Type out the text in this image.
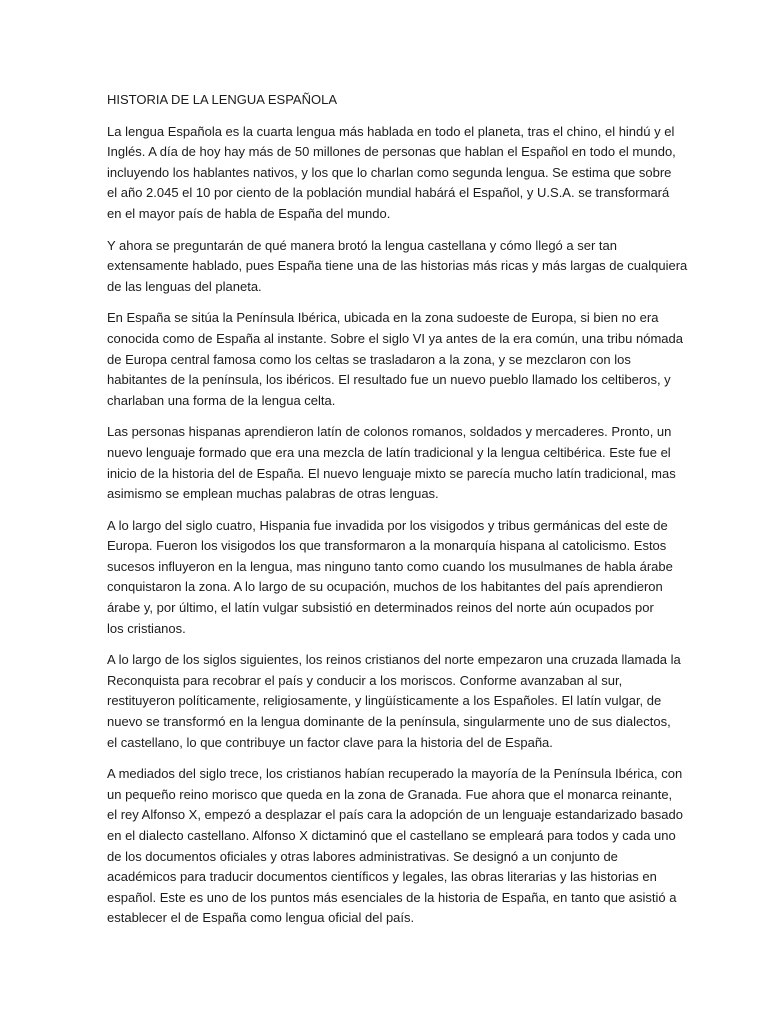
HISTORIA DE LA LENGUA ESPAÑOLA

La lengua Española es la cuarta lengua más hablada en todo el planeta, tras el chino, el hindú y el
Inglés. A día de hoy hay más de 50 millones de personas que hablan el Español en todo el mundo,
incluyendo los hablantes nativos, y los que lo charlan como segunda lengua. Se estima que sobre
el año 2.045 el 10 por ciento de la población mundial habárá el Español, y U.S.A. se transformará
en el mayor país de habla de España del mundo.

Y ahora se preguntarán de qué manera brotó la lengua castellana y cómo llegó a ser tan
extensamente hablado, pues España tiene una de las historias más ricas y más largas de cualquiera
de las lenguas del planeta.

En España se sitúa la Península Ibérica, ubicada en la zona sudoeste de Europa, si bien no era
conocida como de España al instante. Sobre el siglo VI ya antes de la era común, una tribu nómada
de Europa central famosa como los celtas se trasladaron a la zona, y se mezclaron con los
habitantes de la península, los ibéricos. El resultado fue un nuevo pueblo llamado los celtiberos, y
charlaban una forma de la lengua celta.

Las personas hispanas aprendieron latín de colonos romanos, soldados y mercaderes. Pronto, un
nuevo lenguaje formado que era una mezcla de latín tradicional y la lengua celtibérica. Este fue el
inicio de la historia del de España. El nuevo lenguaje mixto se parecía mucho latín tradicional, mas
asimismo se emplean muchas palabras de otras lenguas.

A lo largo del siglo cuatro, Hispania fue invadida por los visigodos y tribus germánicas del este de
Europa. Fueron los visigodos los que transformaron a la monarquía hispana al catolicismo. Estos
sucesos influyeron en la lengua, mas ninguno tanto como cuando los musulmanes de habla árabe
conquistaron la zona. A lo largo de su ocupación, muchos de los habitantes del país aprendieron
árabe y, por último, el latín vulgar subsistió en determinados reinos del norte aún ocupados por
los cristianos.

A lo largo de los siglos siguientes, los reinos cristianos del norte empezaron una cruzada llamada la
Reconquista para recobrar el país y conducir a los moriscos. Conforme avanzaban al sur,
restituyeron políticamente, religiosamente, y lingüísticamente a los Españoles. El latín vulgar, de
nuevo se transformó en la lengua dominante de la península, singularmente uno de sus dialectos,
el castellano, lo que contribuye un factor clave para la historia del de España.

A mediados del siglo trece, los cristianos habían recuperado la mayoría de la Península Ibérica, con
un pequeño reino morisco que queda en la zona de Granada. Fue ahora que el monarca reinante,
el rey Alfonso X, empezó a desplazar el país cara la adopción de un lenguaje estandarizado basado
en el dialecto castellano. Alfonso X dictaminó que el castellano se empleará para todos y cada uno
de los documentos oficiales y otras labores administrativas. Se designó a un conjunto de
académicos para traducir documentos científicos y legales, las obras literarias y las historias en
español. Este es uno de los puntos más esenciales de la historia de España, en tanto que asistió a
establecer el de España como lengua oficial del país.
